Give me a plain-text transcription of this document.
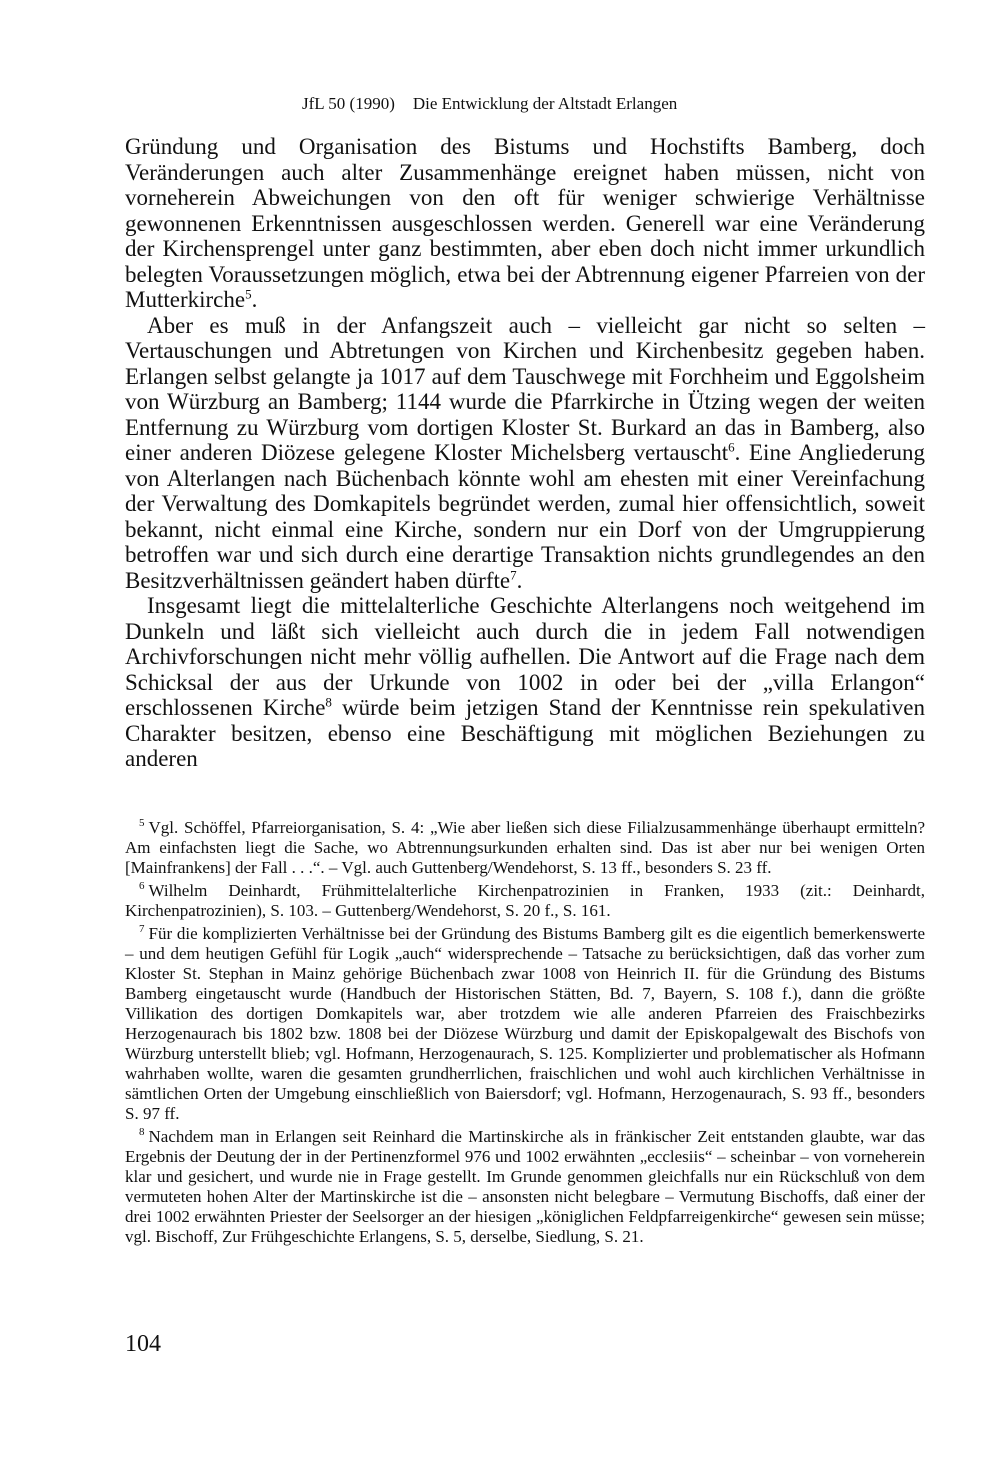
JfL 50 (1990) Die Entwicklung der Altstadt Erlangen

Gründung und Organisation des Bistums und Hochstifts Bamberg, doch Veränderungen auch alter Zusammenhänge ereignet haben müssen, nicht von vorneherein Abweichungen von den oft für weniger schwierige Verhältnisse gewonnenen Erkenntnissen ausgeschlossen werden. Generell war eine Veränderung der Kirchensprengel unter ganz bestimmten, aber eben doch nicht immer urkundlich belegten Voraussetzungen möglich, etwa bei der Abtrennung eigener Pfarreien von der Mutterkirche$^5$.

Aber es muß in der Anfangszeit auch – vielleicht gar nicht so selten – Vertauschungen und Abtretungen von Kirchen und Kirchenbesitz gegeben haben. Erlangen selbst gelangte ja 1017 auf dem Tauschwege mit Forchheim und Eggolsheim von Würzburg an Bamberg; 1144 wurde die Pfarrkirche in Ützing wegen der weiten Entfernung zu Würzburg vom dortigen Kloster St. Burkard an das in Bamberg, also einer anderen Diözese gelegene Kloster Michelsberg vertauscht$^6$. Eine Angliederung von Alterlangen nach Büchenbach könnte wohl am ehesten mit einer Vereinfachung der Verwaltung des Domkapitels begründet werden, zumal hier offensichtlich, soweit bekannt, nicht einmal eine Kirche, sondern nur ein Dorf von der Umgruppierung betroffen war und sich durch eine derartige Transaktion nichts grundlegendes an den Besitzverhältnissen geändert haben dürfte$^7$.

Insgesamt liegt die mittelalterliche Geschichte Alterlangens noch weitgehend im Dunkeln und läßt sich vielleicht auch durch die in jedem Fall notwendigen Archivforschungen nicht mehr völlig aufhellen. Die Antwort auf die Frage nach dem Schicksal der aus der Urkunde von 1002 in oder bei der „villa Erlangon“ erschlossenen Kirche$^8$ würde beim jetzigen Stand der Kenntnisse rein spekulativen Charakter besitzen, ebenso eine Beschäftigung mit möglichen Beziehungen zu anderen

$^5$ Vgl. Schöffel, Pfarreiorganisation, S. 4: „Wie aber ließen sich diese Filialzusammenhänge überhaupt ermitteln? Am einfachsten liegt die Sache, wo Abtrennungsurkunden erhalten sind. Das ist aber nur bei wenigen Orten [Mainfrankens] der Fall . . .“. – Vgl. auch Guttenberg/Wendehorst, S. 13 ff., besonders S. 23 ff.

$^6$ Wilhelm Deinhardt, Frühmittelalterliche Kirchenpatrozinien in Franken, 1933 (zit.: Deinhardt, Kirchenpatrozinien), S. 103. – Guttenberg/Wendehorst, S. 20 f., S. 161.

$^7$ Für die komplizierten Verhältnisse bei der Gründung des Bistums Bamberg gilt es die eigentlich bemerkenswerte – und dem heutigen Gefühl für Logik „auch“ widersprechende – Tatsache zu berücksichtigen, daß das vorher zum Kloster St. Stephan in Mainz gehörige Büchenbach zwar 1008 von Heinrich II. für die Gründung des Bistums Bamberg eingetauscht wurde (Handbuch der Historischen Stätten, Bd. 7, Bayern, S. 108 f.), dann die größte Villikation des dortigen Domkapitels war, aber trotzdem wie alle anderen Pfarreien des Fraischbezirks Herzogenaurach bis 1802 bzw. 1808 bei der Diözese Würzburg und damit der Episkopalgewalt des Bischofs von Würzburg unterstellt blieb; vgl. Hofmann, Herzogenaurach, S. 125. Komplizierter und problematischer als Hofmann wahrhaben wollte, waren die gesamten grundherrlichen, fraischlichen und wohl auch kirchlichen Verhältnisse in sämtlichen Orten der Umgebung einschließlich von Baiersdorf; vgl. Hofmann, Herzogenaurach, S. 93 ff., besonders S. 97 ff.

$^8$ Nachdem man in Erlangen seit Reinhard die Martinskirche als in fränkischer Zeit entstanden glaubte, war das Ergebnis der Deutung der in der Pertinenzformel 976 und 1002 erwähnten „ecclesiis“ – scheinbar – von vorneherein klar und gesichert, und wurde nie in Frage gestellt. Im Grunde genommen gleichfalls nur ein Rückschluß von dem vermuteten hohen Alter der Martinskirche ist die – ansonsten nicht belegbare – Vermutung Bischoffs, daß einer der drei 1002 erwähnten Priester der Seelsorger an der hiesigen „königlichen Feldpfarreigenkirche“ gewesen sein müsse; vgl. Bischoff, Zur Frühgeschichte Erlangens, S. 5, derselbe, Siedlung, S. 21.

104
